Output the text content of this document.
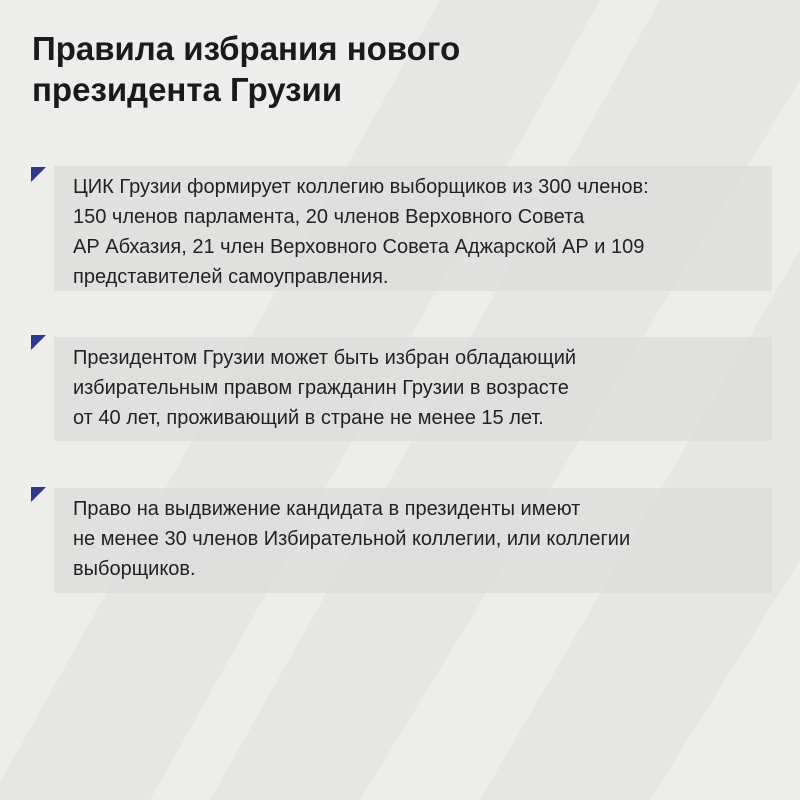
Правила избрания нового
президента Грузии

ЦИК Грузии формирует коллегию выборщиков из 300 членов:
150 членов парламента, 20 членов Верховного Совета
АР Абхазия, 21 член Верховного Совета Аджарской АР и 109
представителей самоуправления.

Президентом Грузии может быть избран обладающий
избирательным правом гражданин Грузии в возрасте
от 40 лет, проживающий в стране не менее 15 лет.

Право на выдвижение кандидата в президенты имеют
не менее 30 членов Избирательной коллегии, или коллегии
выборщиков.
